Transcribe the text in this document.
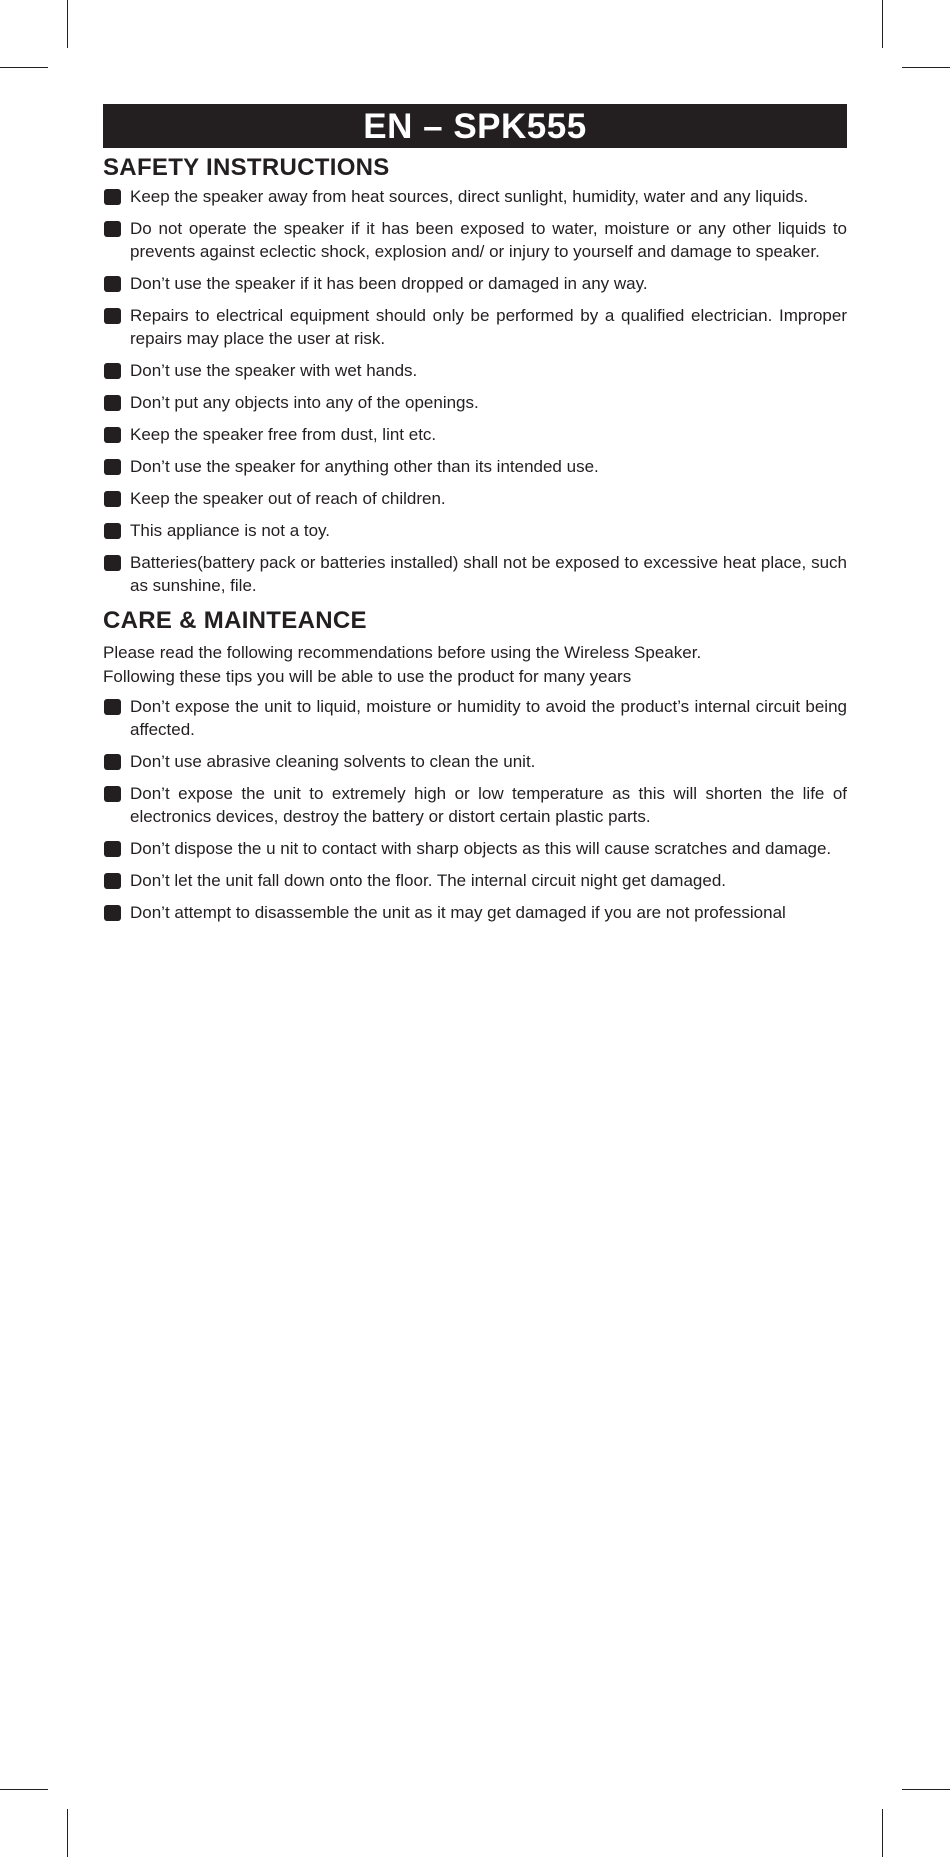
EN – SPK555
SAFETY INSTRUCTIONS
Keep the speaker away from heat sources, direct sunlight, humidity, water and any liquids.
Do not operate the speaker if it has been exposed to water, moisture or any other liquids to prevents against eclectic shock, explosion and/ or injury to yourself and damage to speaker.
Don’t use the speaker if it has been dropped or damaged in any way.
Repairs to electrical equipment should only be performed by a qualified electrician. Improper repairs may place the user at risk.
Don’t use the speaker with wet hands.
Don’t put any objects into any of the openings.
Keep the speaker free from dust, lint etc.
Don’t use the speaker for anything other than its intended use.
Keep the speaker out of reach of children.
This appliance is not a toy.
Batteries(battery pack or batteries installed) shall not be exposed to excessive heat place, such as sunshine, file.
CARE & MAINTEANCE

Please read the following recommendations before using the Wireless Speaker.

Following these tips you will be able to use the product for many years

Don’t expose the unit to liquid, moisture or humidity to avoid the product’s internal circuit being affected.
Don’t use abrasive cleaning solvents to clean the unit.
Don’t expose the unit to extremely high or low temperature as this will shorten the life of electronics devices, destroy the battery or distort certain plastic parts.
Don’t dispose the u nit to contact with sharp objects as this will cause scratches and damage.
Don’t let the unit fall down onto the floor. The internal circuit night get damaged.
Don’t attempt to disassemble the unit as it may get damaged if you are not professional
